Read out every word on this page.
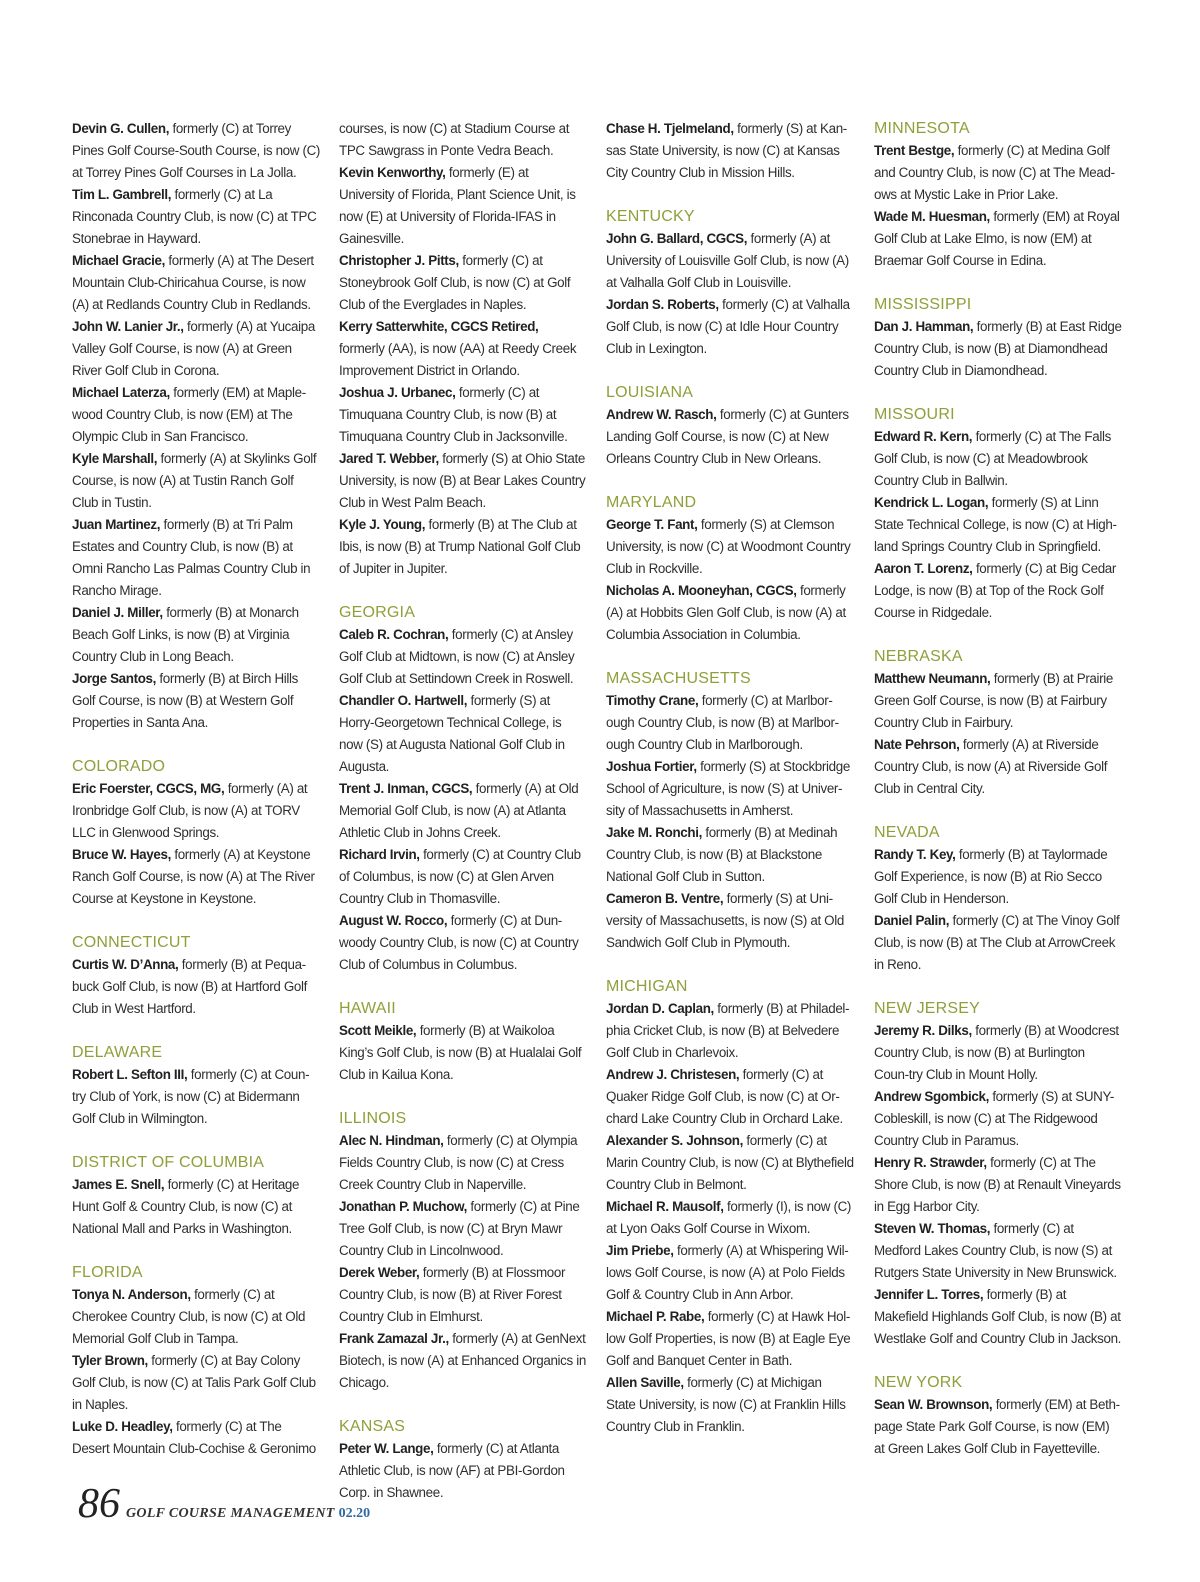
Devin G. Cullen, formerly (C) at Torrey Pines Golf Course-South Course, is now (C) at Torrey Pines Golf Courses in La Jolla.

Tim L. Gambrell, formerly (C) at La Rinconada Country Club, is now (C) at TPC Stonebrae in Hayward.

Michael Gracie, formerly (A) at The Desert Mountain Club-Chiricahua Course, is now (A) at Redlands Country Club in Redlands.

John W. Lanier Jr., formerly (A) at Yucaipa Valley Golf Course, is now (A) at Green River Golf Club in Corona.

Michael Laterza, formerly (EM) at Maple-wood Country Club, is now (EM) at The Olympic Club in San Francisco.

Kyle Marshall, formerly (A) at Skylinks Golf Course, is now (A) at Tustin Ranch Golf Club in Tustin.

Juan Martinez, formerly (B) at Tri Palm Estates and Country Club, is now (B) at Omni Rancho Las Palmas Country Club in Rancho Mirage.

Daniel J. Miller, formerly (B) at Monarch Beach Golf Links, is now (B) at Virginia Country Club in Long Beach.

Jorge Santos, formerly (B) at Birch Hills Golf Course, is now (B) at Western Golf Properties in Santa Ana.

COLORADO

Eric Foerster, CGCS, MG, formerly (A) at Ironbridge Golf Club, is now (A) at TORV LLC in Glenwood Springs.

Bruce W. Hayes, formerly (A) at Keystone Ranch Golf Course, is now (A) at The River Course at Keystone in Keystone.

CONNECTICUT

Curtis W. D’Anna, formerly (B) at Pequa-buck Golf Club, is now (B) at Hartford Golf Club in West Hartford.

DELAWARE

Robert L. Sefton III, formerly (C) at Coun-try Club of York, is now (C) at Bidermann Golf Club in Wilmington.

DISTRICT OF COLUMBIA

James E. Snell, formerly (C) at Heritage Hunt Golf & Country Club, is now (C) at National Mall and Parks in Washington.

FLORIDA

Tonya N. Anderson, formerly (C) at Cherokee Country Club, is now (C) at Old Memorial Golf Club in Tampa.

Tyler Brown, formerly (C) at Bay Colony Golf Club, is now (C) at Talis Park Golf Club in Naples.

Luke D. Headley, formerly (C) at The Desert Mountain Club-Cochise & Geronimo

courses, is now (C) at Stadium Course at TPC Sawgrass in Ponte Vedra Beach.

Kevin Kenworthy, formerly (E) at University of Florida, Plant Science Unit, is now (E) at University of Florida-IFAS in Gainesville.

Christopher J. Pitts, formerly (C) at Stoneybrook Golf Club, is now (C) at Golf Club of the Everglades in Naples.

Kerry Satterwhite, CGCS Retired, formerly (AA), is now (AA) at Reedy Creek Improvement District in Orlando.

Joshua J. Urbanec, formerly (C) at Timuquana Country Club, is now (B) at Timuquana Country Club in Jacksonville.

Jared T. Webber, formerly (S) at Ohio State University, is now (B) at Bear Lakes Country Club in West Palm Beach.

Kyle J. Young, formerly (B) at The Club at Ibis, is now (B) at Trump National Golf Club of Jupiter in Jupiter.

GEORGIA

Caleb R. Cochran, formerly (C) at Ansley Golf Club at Midtown, is now (C) at Ansley Golf Club at Settindown Creek in Roswell.

Chandler O. Hartwell, formerly (S) at Horry-Georgetown Technical College, is now (S) at Augusta National Golf Club in Augusta.

Trent J. Inman, CGCS, formerly (A) at Old Memorial Golf Club, is now (A) at Atlanta Athletic Club in Johns Creek.

Richard Irvin, formerly (C) at Country Club of Columbus, is now (C) at Glen Arven Country Club in Thomasville.

August W. Rocco, formerly (C) at Dun-woody Country Club, is now (C) at Country Club of Columbus in Columbus.

HAWAII

Scott Meikle, formerly (B) at Waikoloa King’s Golf Club, is now (B) at Hualalai Golf Club in Kailua Kona.

ILLINOIS

Alec N. Hindman, formerly (C) at Olympia Fields Country Club, is now (C) at Cress Creek Country Club in Naperville.

Jonathan P. Muchow, formerly (C) at Pine Tree Golf Club, is now (C) at Bryn Mawr Country Club in Lincolnwood.

Derek Weber, formerly (B) at Flossmoor Country Club, is now (B) at River Forest Country Club in Elmhurst.

Frank Zamazal Jr., formerly (A) at GenNext Biotech, is now (A) at Enhanced Organics in Chicago.

KANSAS

Peter W. Lange, formerly (C) at Atlanta Athletic Club, is now (AF) at PBI-Gordon Corp. in Shawnee.

Chase H. Tjelmeland, formerly (S) at Kan-sas State University, is now (C) at Kansas City Country Club in Mission Hills.

KENTUCKY

John G. Ballard, CGCS, formerly (A) at University of Louisville Golf Club, is now (A) at Valhalla Golf Club in Louisville.

Jordan S. Roberts, formerly (C) at Valhalla Golf Club, is now (C) at Idle Hour Country Club in Lexington.

LOUISIANA

Andrew W. Rasch, formerly (C) at Gunters Landing Golf Course, is now (C) at New Orleans Country Club in New Orleans.

MARYLAND

George T. Fant, formerly (S) at Clemson University, is now (C) at Woodmont Country Club in Rockville.

Nicholas A. Mooneyhan, CGCS, formerly (A) at Hobbits Glen Golf Club, is now (A) at Columbia Association in Columbia.

MASSACHUSETTS

Timothy Crane, formerly (C) at Marlbor-ough Country Club, is now (B) at Marlbor-ough Country Club in Marlborough.

Joshua Fortier, formerly (S) at Stockbridge School of Agriculture, is now (S) at Univer-sity of Massachusetts in Amherst.

Jake M. Ronchi, formerly (B) at Medinah Country Club, is now (B) at Blackstone National Golf Club in Sutton.

Cameron B. Ventre, formerly (S) at Uni-versity of Massachusetts, is now (S) at Old Sandwich Golf Club in Plymouth.

MICHIGAN

Jordan D. Caplan, formerly (B) at Philadel-phia Cricket Club, is now (B) at Belvedere Golf Club in Charlevoix.

Andrew J. Christesen, formerly (C) at Quaker Ridge Golf Club, is now (C) at Or-chard Lake Country Club in Orchard Lake.

Alexander S. Johnson, formerly (C) at Marin Country Club, is now (C) at Blythefield Country Club in Belmont.

Michael R. Mausolf, formerly (I), is now (C) at Lyon Oaks Golf Course in Wixom.

Jim Priebe, formerly (A) at Whispering Wil-lows Golf Course, is now (A) at Polo Fields Golf & Country Club in Ann Arbor.

Michael P. Rabe, formerly (C) at Hawk Hol-low Golf Properties, is now (B) at Eagle Eye Golf and Banquet Center in Bath.

Allen Saville, formerly (C) at Michigan State University, is now (C) at Franklin Hills Country Club in Franklin.

MINNESOTA

Trent Bestge, formerly (C) at Medina Golf and Country Club, is now (C) at The Mead-ows at Mystic Lake in Prior Lake.

Wade M. Huesman, formerly (EM) at Royal Golf Club at Lake Elmo, is now (EM) at Braemar Golf Course in Edina.

MISSISSIPPI

Dan J. Hamman, formerly (B) at East Ridge Country Club, is now (B) at Diamondhead Country Club in Diamondhead.

MISSOURI

Edward R. Kern, formerly (C) at The Falls Golf Club, is now (C) at Meadowbrook Country Club in Ballwin.

Kendrick L. Logan, formerly (S) at Linn State Technical College, is now (C) at High-land Springs Country Club in Springfield.

Aaron T. Lorenz, formerly (C) at Big Cedar Lodge, is now (B) at Top of the Rock Golf Course in Ridgedale.

NEBRASKA

Matthew Neumann, formerly (B) at Prairie Green Golf Course, is now (B) at Fairbury Country Club in Fairbury.

Nate Pehrson, formerly (A) at Riverside Country Club, is now (A) at Riverside Golf Club in Central City.

NEVADA

Randy T. Key, formerly (B) at Taylormade Golf Experience, is now (B) at Rio Secco Golf Club in Henderson.

Daniel Palin, formerly (C) at The Vinoy Golf Club, is now (B) at The Club at ArrowCreek in Reno.

NEW JERSEY

Jeremy R. Dilks, formerly (B) at Woodcrest Country Club, is now (B) at Burlington Coun-try Club in Mount Holly.

Andrew Sgombick, formerly (S) at SUNY-Cobleskill, is now (C) at The Ridgewood Country Club in Paramus.

Henry R. Strawder, formerly (C) at The Shore Club, is now (B) at Renault Vineyards in Egg Harbor City.

Steven W. Thomas, formerly (C) at Medford Lakes Country Club, is now (S) at Rutgers State University in New Brunswick.

Jennifer L. Torres, formerly (B) at Makefield Highlands Golf Club, is now (B) at Westlake Golf and Country Club in Jackson.

NEW YORK

Sean W. Brownson, formerly (EM) at Beth-page State Park Golf Course, is now (EM) at Green Lakes Golf Club in Fayetteville.

86 GOLF COURSE MANAGEMENT 02.20
